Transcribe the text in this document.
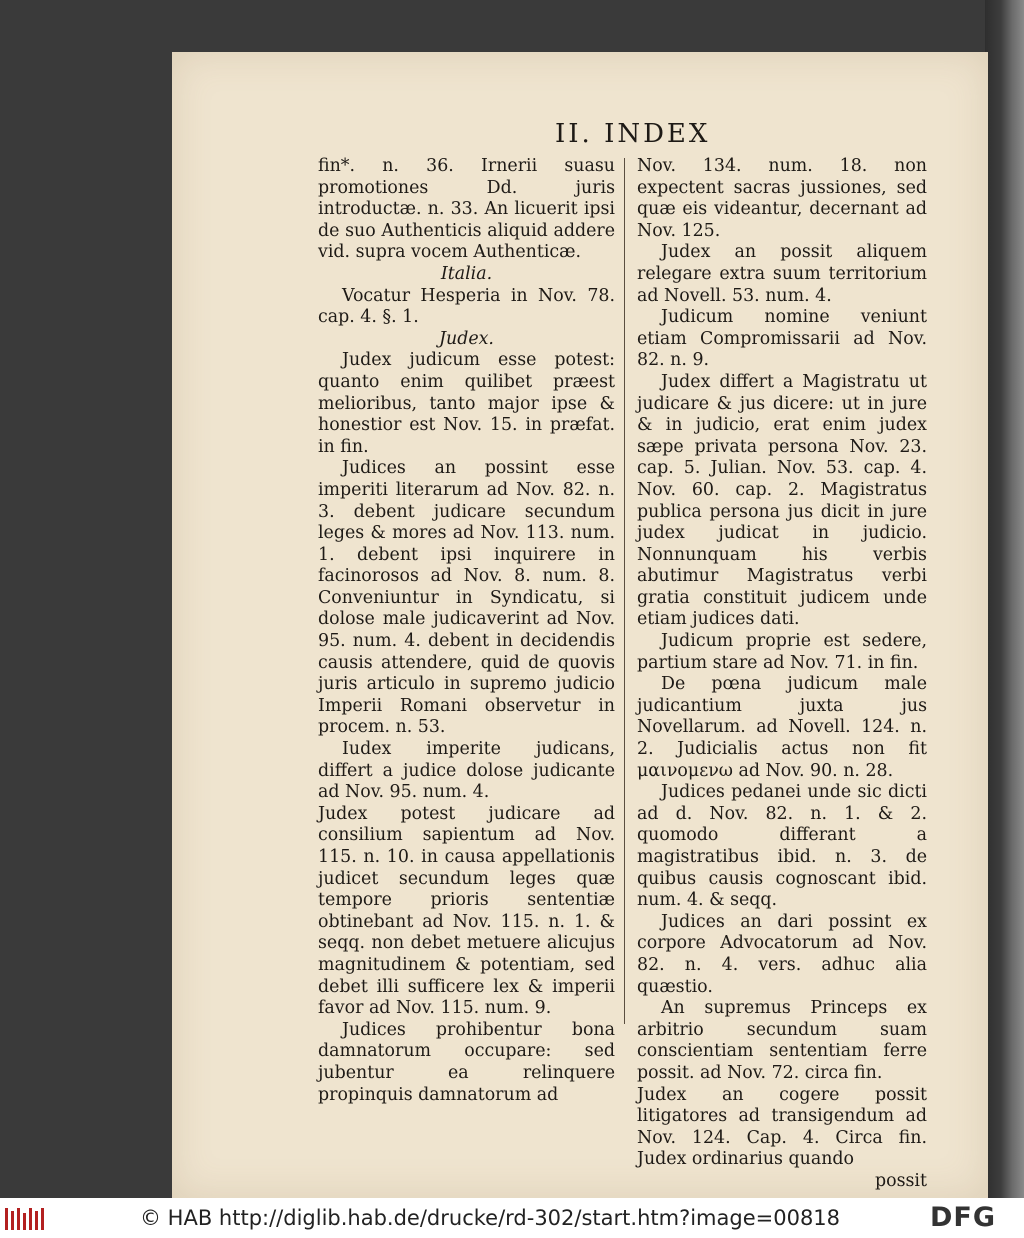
II. INDEX

fin*. n. 36. Irnerii suasu promotiones Dd. juris introductæ. n. 33. An licuerit ipsi de suo Authenticis aliquid addere vid. supra vocem Authenticæ.

Italia.

Vocatur Hesperia in Nov. 78. cap. 4. §. 1.

Judex.

Judex judicum esse potest: quanto enim quilibet præest melioribus, tanto major ipse & honestior est Nov. 15. in præfat. in fin.

Judices an possint esse imperiti literarum ad Nov. 82. n. 3. debent judicare secundum leges & mores ad Nov. 113. num. 1. debent ipsi inquirere in facinorosos ad Nov. 8. num. 8. Conveniuntur in Syndicatu, si dolose male judicaverint ad Nov. 95. num. 4. debent in decidendis causis attendere, quid de quovis juris articulo in supremo judicio Imperii Romani observetur in procem. n. 53.

Iudex imperite judicans, differt a judice dolose judicante ad Nov. 95. num. 4.

Judex potest judicare ad consilium sapientum ad Nov. 115. n. 10. in causa appellationis judicet secundum leges quæ tempore prioris sententiæ obtinebant ad Nov. 115. n. 1. & seqq. non debet metuere alicujus magnitudinem & potentiam, sed debet illi sufficere lex & imperii favor ad Nov. 115. num. 9.

Judices prohibentur bona damnatorum occupare: sed jubentur ea relinquere propinquis damnatorum ad

Nov. 134. num. 18. non expectent sacras jussiones, sed quæ eis videantur, decernant ad Nov. 125.

Judex an possit aliquem relegare extra suum territorium ad Novell. 53. num. 4.

Judicum nomine veniunt etiam Compromissarii ad Nov. 82. n. 9.

Judex differt a Magistratu ut judicare & jus dicere: ut in jure & in judicio, erat enim judex sæpe privata persona Nov. 23. cap. 5. Julian. Nov. 53. cap. 4. Nov. 60. cap. 2. Magistratus publica persona jus dicit in jure judex judicat in judicio. Nonnunquam his verbis abutimur Magistratus verbi gratia constituit judicem unde etiam judices dati.

Judicum proprie est sedere, partium stare ad Nov. 71. in fin.

De pœna judicum male judicantium juxta jus Novellarum. ad Novell. 124. n. 2. Judicialis actus non fit μαινομενω ad Nov. 90. n. 28.

Judices pedanei unde sic dicti ad d. Nov. 82. n. 1. & 2. quomodo differant a magistratibus ibid. n. 3. de quibus causis cognoscant ibid. num. 4. & seqq.

Judices an dari possint ex corpore Advocatorum ad Nov. 82. n. 4. vers. adhuc alia quæstio.

An supremus Princeps ex arbitrio secundum suam conscientiam sententiam ferre possit. ad Nov. 72. circa fin.

Judex an cogere possit litigatores ad transigendum ad Nov. 124. Cap. 4. Circa fin. Judex ordinarius quando

possit

© HAB http://diglib.hab.de/drucke/rd-302/start.htm?image=00818	DFG
